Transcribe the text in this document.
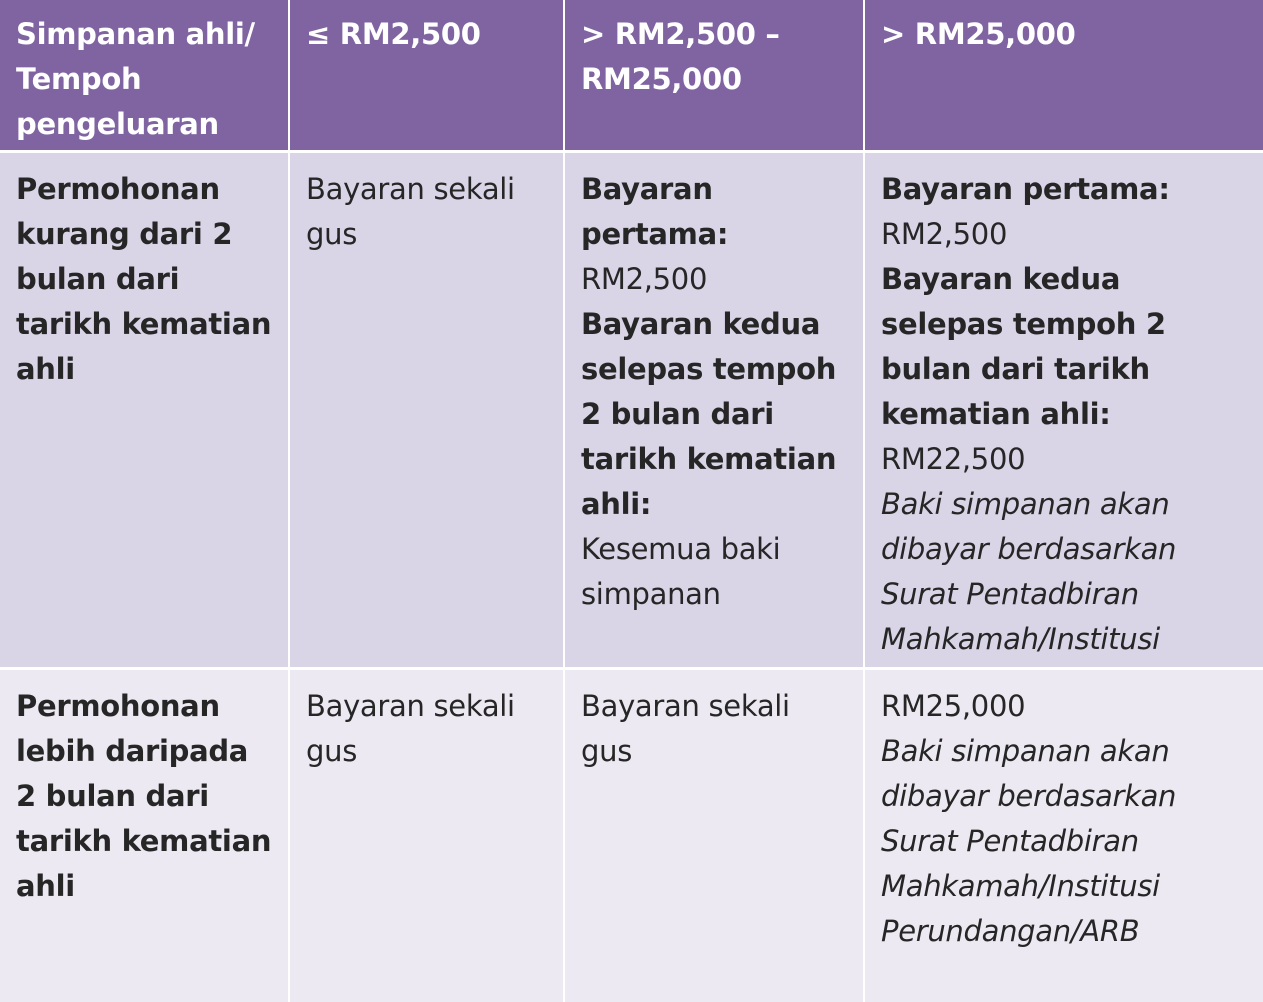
Simpanan ahli/ Tempoh pengeluaran
≤ RM2,500	> RM2,500 – RM25,000
> RM25,000
Permohonan kurang dari 2 bulan dari tarikh kematian ahli
Bayaran sekali gus
Bayaran pertama:
RM2,500
Bayaran kedua selepas tempoh 2 bulan dari tarikh kematian ahli:
Kesemua baki simpanan
Bayaran pertama:
RM2,500
Bayaran kedua selepas tempoh 2 bulan dari tarikh kematian ahli:
RM22,500
Baki simpanan akan dibayar berdasarkan Surat Pentadbiran Mahkamah/Institusi
Permohonan lebih daripada 2 bulan dari tarikh kematian ahli
Bayaran sekali gus
Bayaran sekali gus
RM25,000
Baki simpanan akan dibayar berdasarkan Surat Pentadbiran Mahkamah/Institusi Perundangan/ARB
